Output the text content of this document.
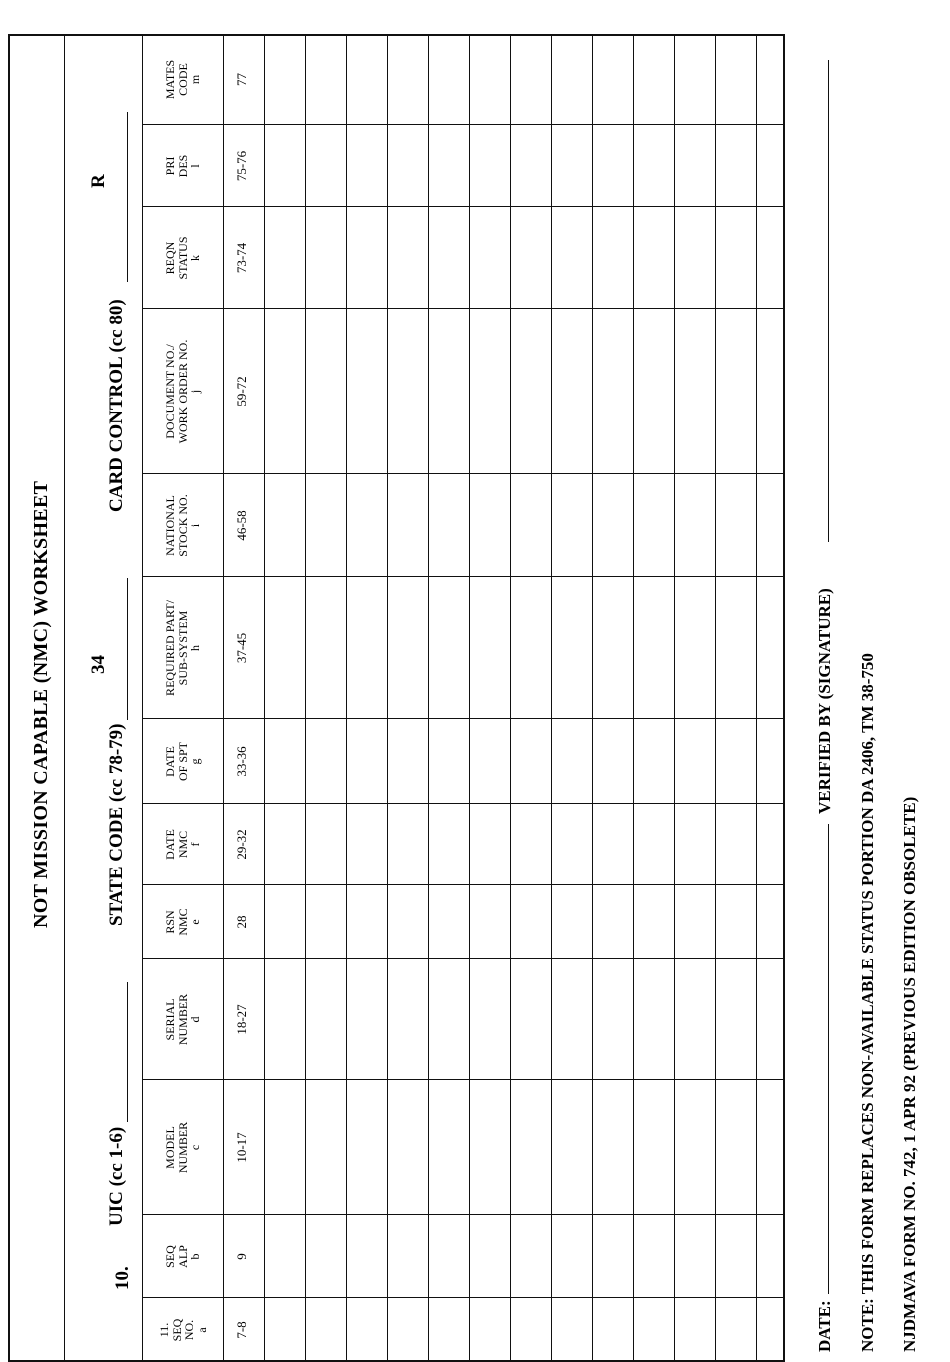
NOT MISSION CAPABLE (NMC) WORKSHEET
10.
UIC (cc 1-6)
STATE CODE (cc 78-79)
34
CARD CONTROL (cc 80)
R
11.
SEQ
NO.
a 7-8
SEQ
ALP
b 9
MODEL
NUMBER
c 10-17
SERIAL
NUMBER
d 18-27
RSN
NMC
e 28
DATE
NMC
f 29-32
DATE
OF SPT
g 33-36
REQUIRED PART/
SUB-SYSTEM
h 37-45
NATIONAL
STOCK NO.
i 46-58
DOCUMENT NO./
WORK ORDER NO.
j 59-72
REQN
STATUS
k 73-74
PRI
DES
l 75-76
MATES
CODE
m 77
DATE:
VERIFIED BY (SIGNATURE) NOTE: THIS FORM REPLACES NON-AVAILABLE STATUS PORTION DA 2406, TM 38-750 NJDMAVA FORM NO. 742, 1 APR 92 (PREVIOUS EDITION OBSOLETE)
